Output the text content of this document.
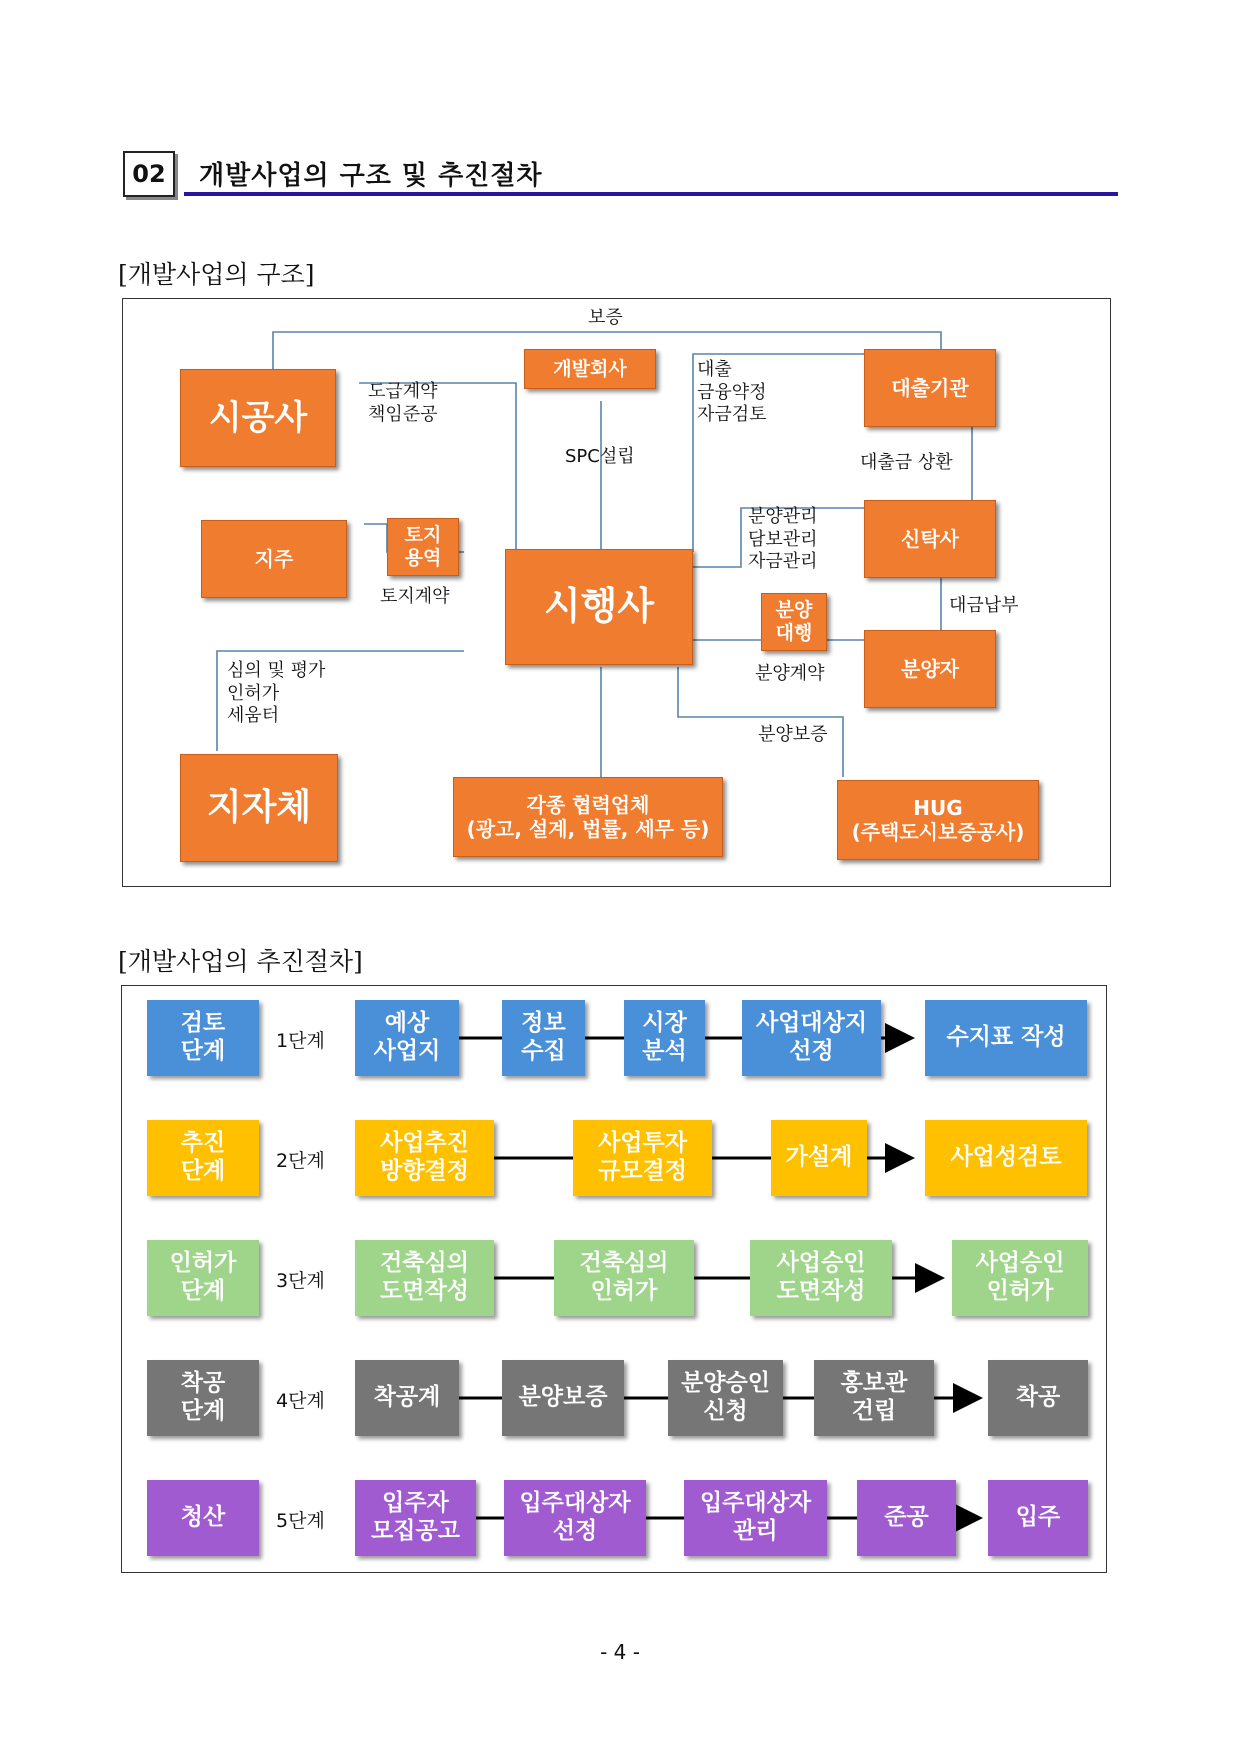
02	개발사업의 구조 및 추진절차
[개발사업의 구조]
시공사
개발회사
대출기관
지주
토지
용역
시행사
신탁사
분양
대행
분양자
지자체	각종 협력업체
(광고, 설계, 법률, 세무 등)
HUG
(주택도시보증공사)
보증
도급계약
책임준공
SPC설립
대출
금융약정
자금검토
대출금 상환
분양관리
담보관리
자금관리
토지계약	대금납부
심의 및 평가
인허가
세움터
분양계약
분양보증
[개발사업의 추진절차]
검토
단계	1단계
예상
사업지
정보
수집
시장
분석
사업대상지
선정
수지표 작성
추진
단계	2단계
사업추진
방향결정
사업투자
규모결정
가설계	사업성검토
인허가
단계	3단계
건축심의
도면작성
건축심의
인허가
사업승인
도면작성
사업승인
인허가
착공
단계	4단계	착공계	분양보증
분양승인
신청
홍보관
건립
착공
청산	5단계
입주자
모집공고
입주대상자
선정
입주대상자
관리
준공	입주
- 4 -
